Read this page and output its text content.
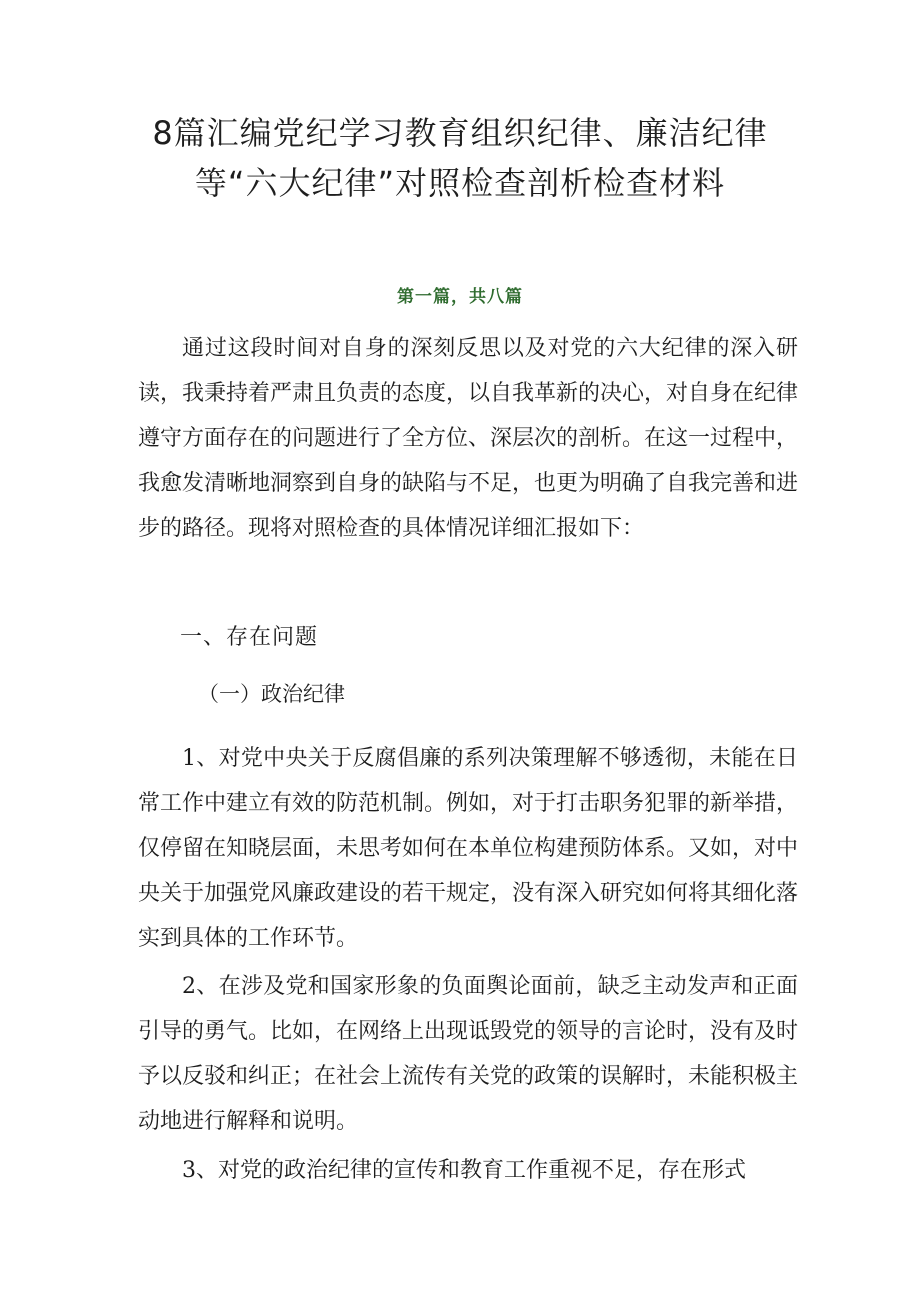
8篇汇编党纪学习教育组织纪律、廉洁纪律
等“六大纪律”对照检查剖析检查材料
第一篇，共八篇
通过这段时间对自身的深刻反思以及对党的六大纪律的深入研读，我秉持着严肃且负责的态度，以自我革新的决心，对自身在纪律遵守方面存在的问题进行了全方位、深层次的剖析。在这一过程中，我愈发清晰地洞察到自身的缺陷与不足，也更为明确了自我完善和进步的路径。现将对照检查的具体情况详细汇报如下：
一、存在问题
（一）政治纪律
1、对党中央关于反腐倡廉的系列决策理解不够透彻，未能在日常工作中建立有效的防范机制。例如，对于打击职务犯罪的新举措，仅停留在知晓层面，未思考如何在本单位构建预防体系。又如，对中央关于加强党风廉政建设的若干规定，没有深入研究如何将其细化落实到具体的工作环节。
2、在涉及党和国家形象的负面舆论面前，缺乏主动发声和正面引导的勇气。比如，在网络上出现诋毁党的领导的言论时，没有及时予以反驳和纠正；在社会上流传有关党的政策的误解时，未能积极主动地进行解释和说明。
3、对党的政治纪律的宣传和教育工作重视不足，存在形式
